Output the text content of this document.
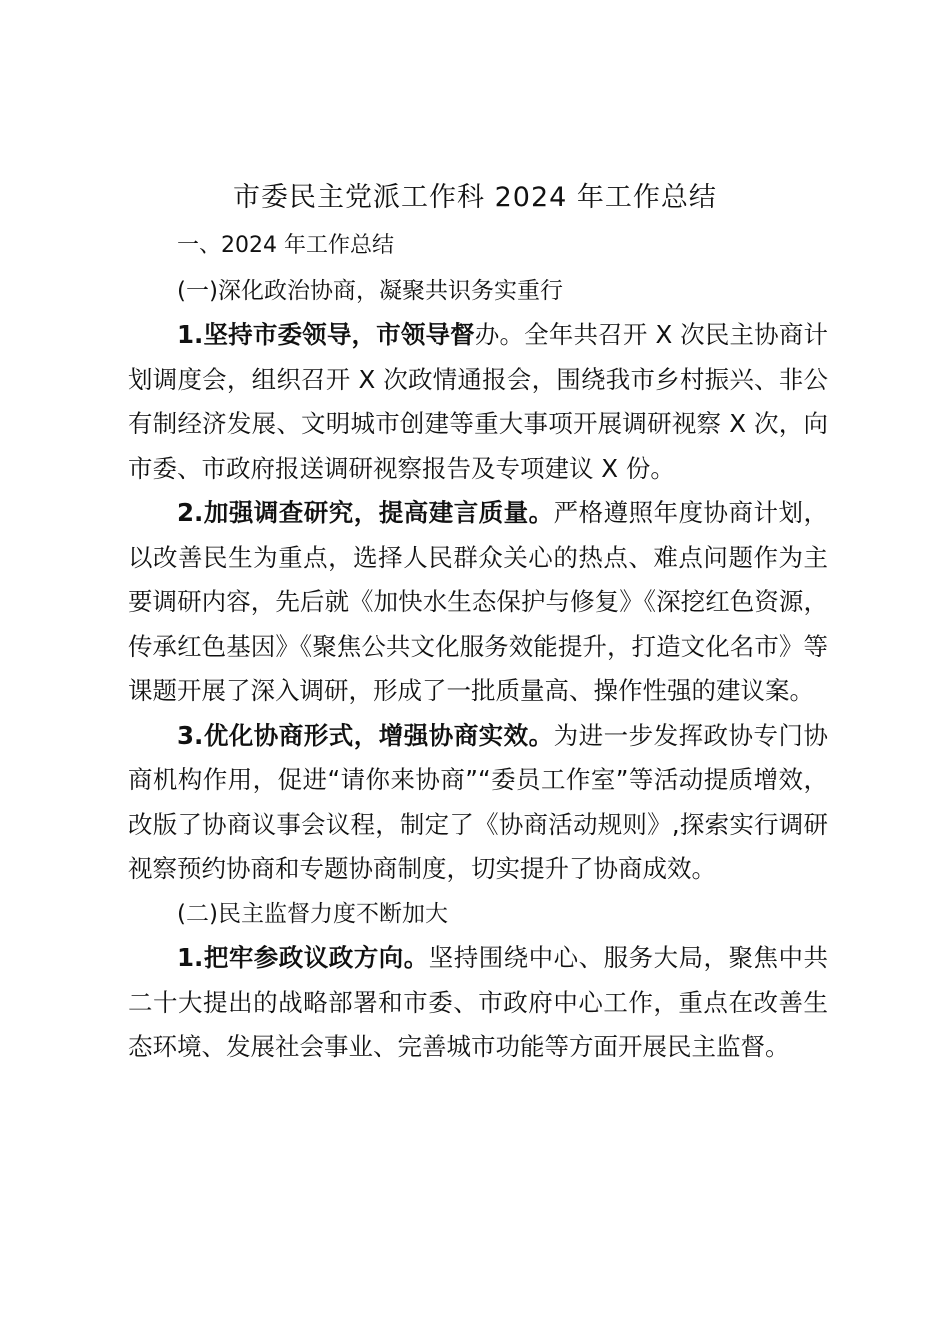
市委民主党派工作科 2024 年工作总结

一、2024 年工作总结

(一)深化政治协商，凝聚共识务实重行

1.坚持市委领导，市领导督办。全年共召开 X 次民主协商计划调度会，组织召开 X 次政情通报会，围绕我市乡村振兴、非公有制经济发展、文明城市创建等重大事项开展调研视察 X 次，向市委、市政府报送调研视察报告及专项建议 X 份。

2.加强调查研究，提高建言质量。严格遵照年度协商计划，以改善民生为重点，选择人民群众关心的热点、难点问题作为主要调研内容，先后就《加快水生态保护与修复》《深挖红色资源，传承红色基因》《聚焦公共文化服务效能提升，打造文化名市》等课题开展了深入调研，形成了一批质量高、操作性强的建议案。

3.优化协商形式，增强协商实效。为进一步发挥政协专门协商机构作用，促进“请你来协商”“委员工作室”等活动提质增效，改版了协商议事会议程，制定了《协商活动规则》,探索实行调研视察预约协商和专题协商制度，切实提升了协商成效。

(二)民主监督力度不断加大

1.把牢参政议政方向。坚持围绕中心、服务大局，聚焦中共二十大提出的战略部署和市委、市政府中心工作，重点在改善生态环境、发展社会事业、完善城市功能等方面开展民主监督。
